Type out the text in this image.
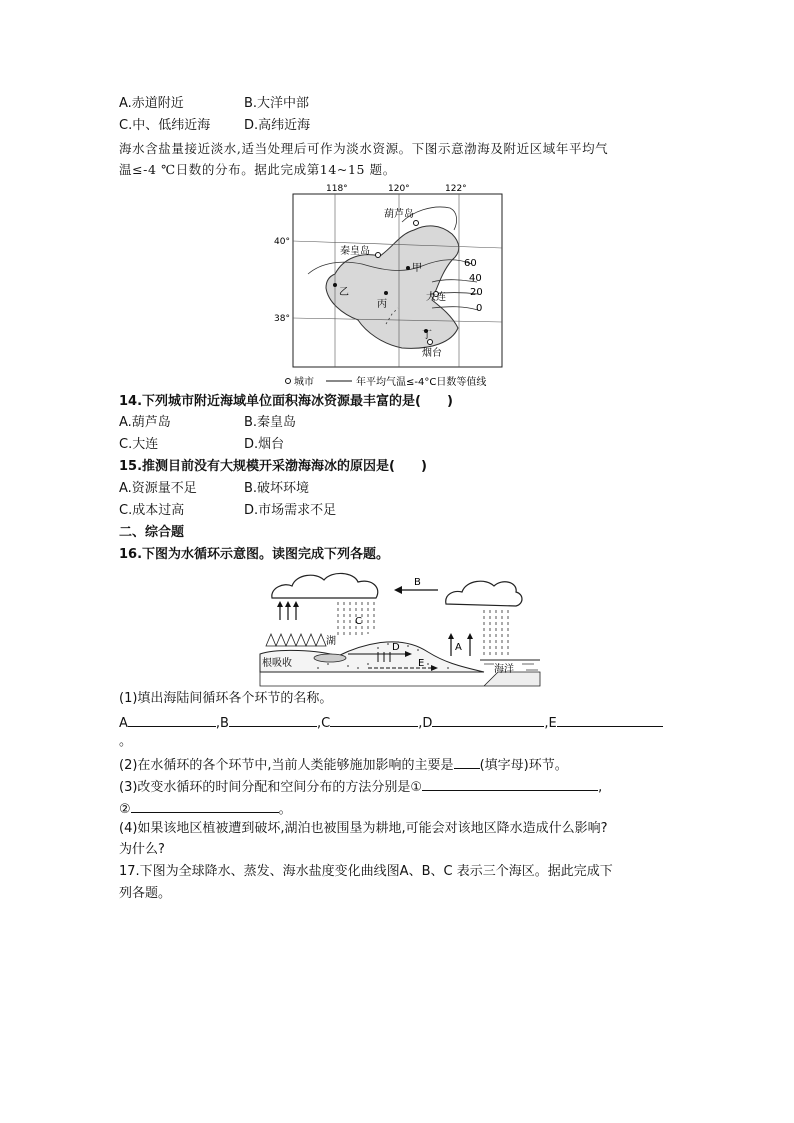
A.赤道附近	B.大洋中部
C.中、低纬近海	D.高纬近海
海水含盐量接近淡水,适当处理后可作为淡水资源。下图示意渤海及附近区域年平均气
温≤-4 ℃日数的分布。据此完成第14~15 题。
118°	120°	122°
40°
38°
葫芦岛
秦皇岛
大连
烟台
甲
乙
丙
丁
60
40
20
0
城市	年平均气温≤-4°C日数等值线
14.下列城市附近海域单位面积海冰资源最丰富的是(　　)
A.葫芦岛	B.秦皇岛
C.大连	D.烟台
15.推测目前没有大规模开采渤海海冰的原因是(　　)
A.资源量不足	B.破坏环境
C.成本过高	D.市场需求不足
二、综合题
16.下图为水循环示意图。读图完成下列各题。
B
C
A
湖
根吸收
D
E
海洋
(1)填出海陆间循环各个环节的名称。
A	,B	,C	,D	,E
。
(2)在水循环的各个环节中,当前人类能够施加影响的主要是 (填字母)环节。
(3)改变水循环的时间分配和空间分布的方法分别是①	,
②	。
(4)如果该地区植被遭到破坏,湖泊也被围垦为耕地,可能会对该地区降水造成什么影响?
为什么?
17.下图为全球降水、蒸发、海水盐度变化曲线图A、B、C 表示三个海区。据此完成下
列各题。
